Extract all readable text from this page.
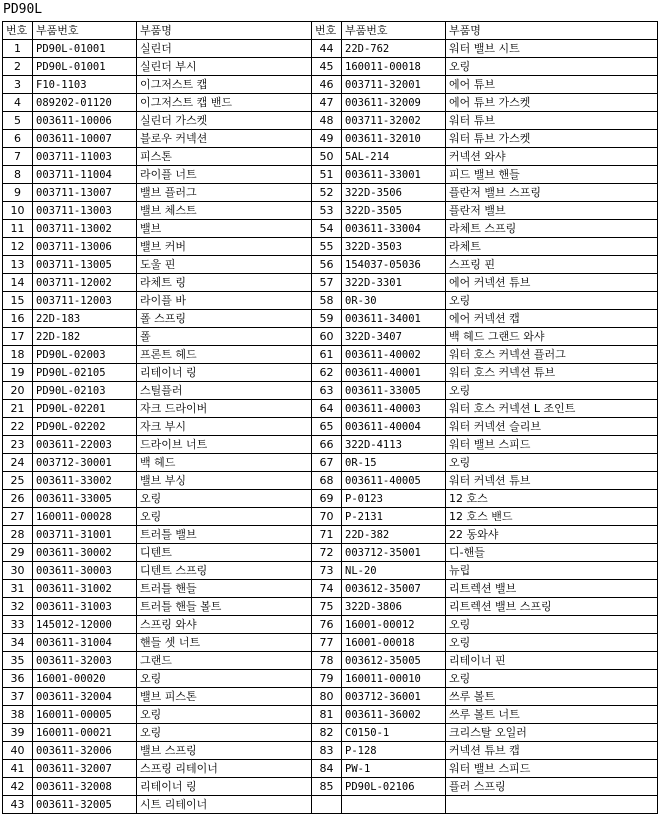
PD90L
번호	부품번호	부품명	번호	부품번호	부품명
1	PD90L-01001	실린더	44	22D-762	워터 밸브 시트
2	PD90L-01001	실린더 부시	45	160011-00018	오링
3	F10-1103	이그저스트 캡	46	003711-32001	에어 튜브
4	089202-01120	이그저스트 캡 밴드	47	003611-32009	에어 튜브 가스켓
5	003611-10006	실린더 가스켓	48	003711-32002	워터 튜브
6	003611-10007	블로우 커넥션	49	003611-32010	워터 튜브 가스켓
7	003711-11003	피스톤	50	5AL-214	커넥션 와샤
8	003711-11004	라이플 너트	51	003611-33001	피드 밸브 핸들
9	003711-13007	밸브 플러그	52	322D-3506	플란저 밸브 스프링
10	003711-13003	밸브 체스트	53	322D-3505	플란저 밸브
11	003711-13002	밸브	54	003611-33004	라체트 스프링
12	003711-13006	밸브 커버	55	322D-3503	라체트
13	003711-13005	도울 핀	56	154037-05036	스프링 핀
14	003711-12002	라체트 링	57	322D-3301	에어 커넥션 튜브
15	003711-12003	라이플 바	58	0R-30	오링
16	22D-183	폴 스프링	59	003611-34001	에어 커넥션 캡
17	22D-182	폴	60	322D-3407	백 헤드 그랜드 와샤
18	PD90L-02003	프론트 헤드	61	003611-40002	워터 호스 커넥션 플러그
19	PD90L-02105	리테이너 링	62	003611-40001	워터 호스 커넥션 튜브
20	PD90L-02103	스틸플러	63	003611-33005	오링
21	PD90L-02201	자크 드라이버	64	003611-40003	워터 호스 커넥션 L 조인트
22	PD90L-02202	자크 부시	65	003611-40004	워터 커넥션 슬리브
23	003611-22003	드라이브 너트	66	322D-4113	워터 밸브 스피드
24	003712-30001	백 헤드	67	0R-15	오링
25	003611-33002	밸브 부싱	68	003611-40005	워터 커넥션 튜브
26	003611-33005	오링	69	P-0123	12 호스
27	160011-00028	오링	70	P-2131	12 호스 밴드
28	003711-31001	트러틀 밸브	71	22D-382	22 동와샤
29	003611-30002	디텐트	72	003712-35001	디-핸들
30	003611-30003	디텐트 스프링	73	NL-20	뉴립
31	003611-31002	트러틀 핸들	74	003612-35007	리트렉션 밸브
32	003611-31003	트러틀 핸들 볼트	75	322D-3806	리트렉션 밸브 스프링
33	145012-12000	스프링 와샤	76	16001-00012	오링
34	003611-31004	핸들 셋 너트	77	16001-00018	오링
35	003611-32003	그랜드	78	003612-35005	리테이너 핀
36	16001-00020	오링	79	160011-00010	오링
37	003611-32004	밸브 피스톤	80	003712-36001	쓰루 볼트
38	160011-00005	오링	81	003611-36002	쓰루 볼트 너트
39	160011-00021	오링	82	C0150-1	크리스탈 오일러
40	003611-32006	밸브 스프링	83	P-128	커넥션 튜브 캡
41	003611-32007	스프링 리테이너	84	PW-1	워터 밸브 스피드
42	003611-32008	리테이너 링	85	PD90L-02106	플러 스프링
43	003611-32005	시트 리테이너			
